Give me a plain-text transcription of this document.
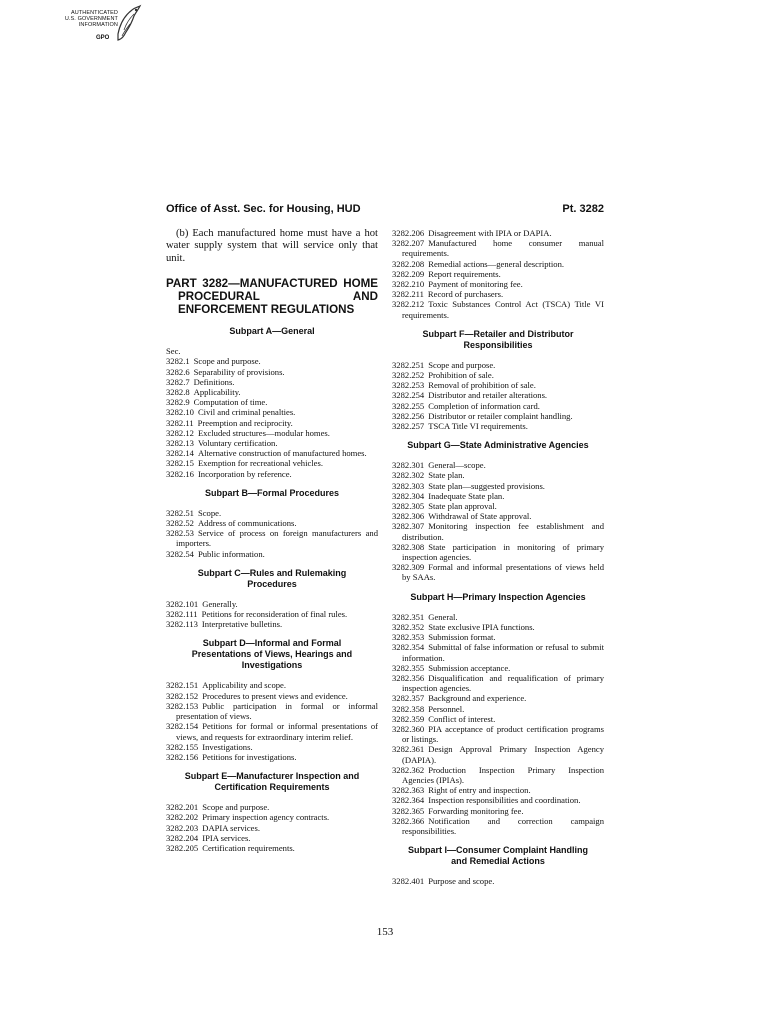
AUTHENTICATED
U.S. GOVERNMENT
INFORMATION
GPO
Office of Asst. Sec. for Housing, HUD	Pt. 3282

(b) Each manufactured home must have a hot water supply system that will service only that unit.

PART 3282—MANUFACTURED HOME PROCEDURAL AND ENFORCEMENT REGULATIONS
Subpart A—General

Sec.

3282.1 Scope and purpose.

3282.6 Separability of provisions.

3282.7 Definitions.

3282.8 Applicability.

3282.9 Computation of time.

3282.10 Civil and criminal penalties.

3282.11 Preemption and reciprocity.

3282.12 Excluded structures—modular homes.

3282.13 Voluntary certification.

3282.14 Alternative construction of manufactured homes.

3282.15 Exemption for recreational vehicles.

3282.16 Incorporation by reference.

Subpart B—Formal Procedures

3282.51 Scope.

3282.52 Address of communications.

3282.53 Service of process on foreign manufacturers and importers.

3282.54 Public information.

Subpart C—Rules and Rulemaking Procedures

3282.101 Generally.

3282.111 Petitions for reconsideration of final rules.

3282.113 Interpretative bulletins.

Subpart D—Informal and Formal Presentations of Views, Hearings and Investigations

3282.151 Applicability and scope.

3282.152 Procedures to present views and evidence.

3282.153 Public participation in formal or informal presentation of views.

3282.154 Petitions for formal or informal presentations of views, and requests for extraordinary interim relief.

3282.155 Investigations.

3282.156 Petitions for investigations.

Subpart E—Manufacturer Inspection and Certification Requirements

3282.201 Scope and purpose.

3282.202 Primary inspection agency contracts.

3282.203 DAPIA services.

3282.204 IPIA services.

3282.205 Certification requirements.

3282.206 Disagreement with IPIA or DAPIA.

3282.207 Manufactured home consumer manual requirements.

3282.208 Remedial actions—general description.

3282.209 Report requirements.

3282.210 Payment of monitoring fee.

3282.211 Record of purchasers.

3282.212 Toxic Substances Control Act (TSCA) Title VI requirements.

Subpart F—Retailer and Distributor Responsibilities

3282.251 Scope and purpose.

3282.252 Prohibition of sale.

3282.253 Removal of prohibition of sale.

3282.254 Distributor and retailer alterations.

3282.255 Completion of information card.

3282.256 Distributor or retailer complaint handling.

3282.257 TSCA Title VI requirements.

Subpart G—State Administrative Agencies

3282.301 General—scope.

3282.302 State plan.

3282.303 State plan—suggested provisions.

3282.304 Inadequate State plan.

3282.305 State plan approval.

3282.306 Withdrawal of State approval.

3282.307 Monitoring inspection fee establishment and distribution.

3282.308 State participation in monitoring of primary inspection agencies.

3282.309 Formal and informal presentations of views held by SAAs.

Subpart H—Primary Inspection Agencies

3282.351 General.

3282.352 State exclusive IPIA functions.

3282.353 Submission format.

3282.354 Submittal of false information or refusal to submit information.

3282.355 Submission acceptance.

3282.356 Disqualification and requalification of primary inspection agencies.

3282.357 Background and experience.

3282.358 Personnel.

3282.359 Conflict of interest.

3282.360 PIA acceptance of product certification programs or listings.

3282.361 Design Approval Primary Inspection Agency (DAPIA).

3282.362 Production Inspection Primary Inspection Agencies (IPIAs).

3282.363 Right of entry and inspection.

3282.364 Inspection responsibilities and coordination.

3282.365 Forwarding monitoring fee.

3282.366 Notification and correction campaign responsibilities.

Subpart I—Consumer Complaint Handling and Remedial Actions

3282.401 Purpose and scope.

153
